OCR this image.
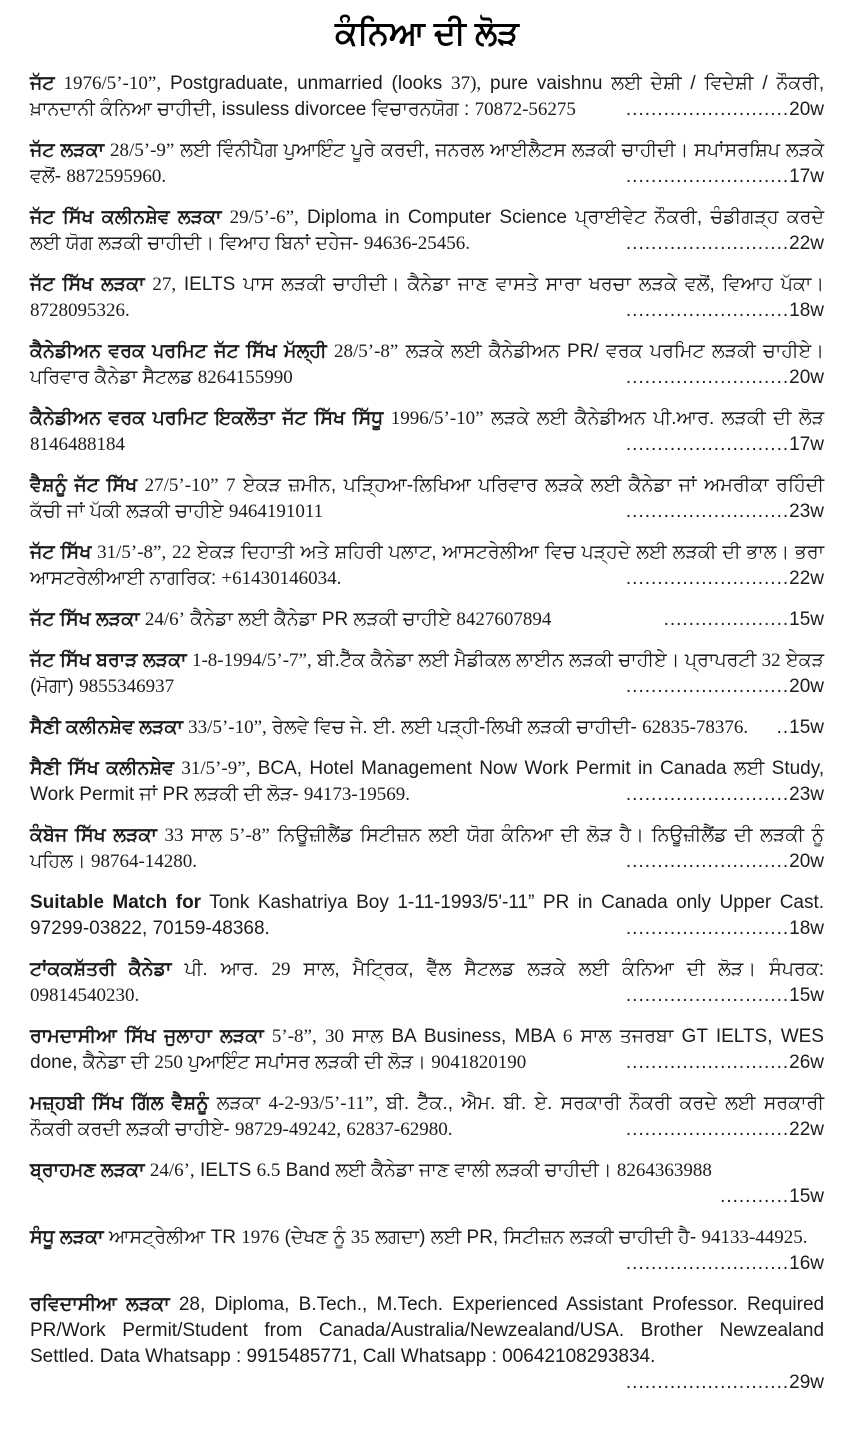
ਕੰਨਿਆ ਦੀ ਲੋੜ

ਜੱਟ 1976/5’-10”, Postgraduate, unmarried (looks 37), pure vaishnu ਲਈ ਦੇਸ਼ੀ / ਵਿਦੇਸ਼ੀ / ਨੌਕਰੀ, ਖ਼ਾਨਦਾਨੀ ਕੰਨਿਆ ਚਾਹੀਦੀ, issuless divorcee ਵਿਚਾਰਨਯੋਗ : 70872-56275	..........................20w

ਜੱਟ ਲੜਕਾ 28/5’-9” ਲਈ ਵਿੰਨੀਪੈਗ ਪੁਆਇੰਟ ਪੂਰੇ ਕਰਦੀ, ਜਨਰਲ ਆਈਲੈਟਸ ਲੜਕੀ ਚਾਹੀਦੀ। ਸਪਾਂਸਰਸ਼ਿਪ ਲੜਕੇ ਵਲੋਂ- 8872595960.	..........................17w

ਜੱਟ ਸਿੱਖ ਕਲੀਨਸ਼ੇਵ ਲੜਕਾ 29/5’-6”, Diploma in Computer Science ਪ੍ਰਾਈਵੇਟ ਨੌਕਰੀ, ਚੰਡੀਗੜ੍ਹ ਕਰਦੇ ਲਈ ਯੋਗ ਲੜਕੀ ਚਾਹੀਦੀ। ਵਿਆਹ ਬਿਨਾਂ ਦਹੇਜ- 94636-25456.	..........................22w

ਜੱਟ ਸਿੱਖ ਲੜਕਾ 27, IELTS ਪਾਸ ਲੜਕੀ ਚਾਹੀਦੀ। ਕੈਨੇਡਾ ਜਾਣ ਵਾਸਤੇ ਸਾਰਾ ਖਰਚਾ ਲੜਕੇ ਵਲੋਂ, ਵਿਆਹ ਪੱਕਾ। 8728095326.	..........................18w

ਕੈਨੇਡੀਅਨ ਵਰਕ ਪਰਮਿਟ ਜੱਟ ਸਿੱਖ ਮੱਲ੍ਹੀ 28/5’-8” ਲੜਕੇ ਲਈ ਕੈਨੇਡੀਅਨ PR/ ਵਰਕ ਪਰਮਿਟ ਲੜਕੀ ਚਾਹੀਏ। ਪਰਿਵਾਰ ਕੈਨੇਡਾ ਸੈਟਲਡ 8264155990	..........................20w

ਕੈਨੇਡੀਅਨ ਵਰਕ ਪਰਮਿਟ ਇਕਲੌਤਾ ਜੱਟ ਸਿੱਖ ਸਿੱਧੂ 1996/5’-10” ਲੜਕੇ ਲਈ ਕੈਨੇਡੀਅਨ ਪੀ.ਆਰ. ਲੜਕੀ ਦੀ ਲੋੜ 8146488184	..........................17w

ਵੈਸ਼ਨੂੰ ਜੱਟ ਸਿੱਖ 27/5’-10” 7 ਏਕੜ ਜ਼ਮੀਨ, ਪੜ੍ਹਿਆ-ਲਿਖਿਆ ਪਰਿਵਾਰ ਲੜਕੇ ਲਈ ਕੈਨੇਡਾ ਜਾਂ ਅਮਰੀਕਾ ਰਹਿੰਦੀ ਕੱਚੀ ਜਾਂ ਪੱਕੀ ਲੜਕੀ ਚਾਹੀਏ 9464191011	..........................23w

ਜੱਟ ਸਿੱਖ 31/5’-8”, 22 ਏਕੜ ਦਿਹਾਤੀ ਅਤੇ ਸ਼ਹਿਰੀ ਪਲਾਟ, ਆਸਟਰੇਲੀਆ ਵਿਚ ਪੜ੍ਹਦੇ ਲਈ ਲੜਕੀ ਦੀ ਭਾਲ। ਭਰਾ ਆਸਟਰੇਲੀਆਈ ਨਾਗਰਿਕ: +61430146034.	..........................22w

ਜੱਟ ਸਿੱਖ ਲੜਕਾ 24/6’ ਕੈਨੇਡਾ ਲਈ ਕੈਨੇਡਾ PR ਲੜਕੀ ਚਾਹੀਏ 8427607894	....................15w

ਜੱਟ ਸਿੱਖ ਬਰਾੜ ਲੜਕਾ 1-8-1994/5’-7”, ਬੀ.ਟੈੱਕ ਕੈਨੇਡਾ ਲਈ ਮੈਡੀਕਲ ਲਾਈਨ ਲੜਕੀ ਚਾਹੀਏ। ਪ੍ਰਾਪਰਟੀ 32 ਏਕੜ (ਮੋਗਾ) 9855346937	..........................20w

ਸੈਣੀ ਕਲੀਨਸ਼ੇਵ ਲੜਕਾ 33/5’-10”, ਰੇਲਵੇ ਵਿਚ ਜੇ. ਈ. ਲਈ ਪੜ੍ਹੀ-ਲਿਖੀ ਲੜਕੀ ਚਾਹੀਦੀ- 62835-78376.	..15w

ਸੈਣੀ ਸਿੱਖ ਕਲੀਨਸ਼ੇਵ 31/5’-9”, BCA, Hotel Management Now Work Permit in Canada ਲਈ Study, Work Permit ਜਾਂ PR ਲੜਕੀ ਦੀ ਲੋੜ- 94173-19569.	..........................23w

ਕੰਬੋਜ ਸਿੱਖ ਲੜਕਾ 33 ਸਾਲ 5’-8” ਨਿਊਜ਼ੀਲੈਂਡ ਸਿਟੀਜ਼ਨ ਲਈ ਯੋਗ ਕੰਨਿਆ ਦੀ ਲੋੜ ਹੈ। ਨਿਊਜ਼ੀਲੈਂਡ ਦੀ ਲੜਕੀ ਨੂੰ ਪਹਿਲ। 98764-14280.	..........................20w

Suitable Match for Tonk Kashatriya Boy 1-11-1993/5'-11” PR in Canada only Upper Cast. 97299-03822, 70159-48368.	..........................18w

ਟਾਂਕਕਸ਼ੱਤਰੀ ਕੈਨੇਡਾ ਪੀ. ਆਰ. 29 ਸਾਲ, ਮੈਟ੍ਰਿਕ, ਵੈੱਲ ਸੈਟਲਡ ਲੜਕੇ ਲਈ ਕੰਨਿਆ ਦੀ ਲੋੜ। ਸੰਪਰਕ: 09814540230.	..........................15w

ਰਾਮਦਾਸੀਆ ਸਿੱਖ ਜੁਲਾਹਾ ਲੜਕਾ 5’-8”, 30 ਸਾਲ BA Business, MBA 6 ਸਾਲ ਤਜਰਬਾ GT IELTS, WES done, ਕੈਨੇਡਾ ਦੀ 250 ਪੁਆਇੰਟ ਸਪਾਂਸਰ ਲੜਕੀ ਦੀ ਲੋੜ। 9041820190	..........................26w

ਮਜ਼੍ਹਬੀ ਸਿੱਖ ਗਿੱਲ ਵੈਸ਼ਨੂੰ ਲੜਕਾ 4-2-93/5’-11”, ਬੀ. ਟੈੱਕ., ਐਮ. ਬੀ. ਏ. ਸਰਕਾਰੀ ਨੌਕਰੀ ਕਰਦੇ ਲਈ ਸਰਕਾਰੀ ਨੌਕਰੀ ਕਰਦੀ ਲੜਕੀ ਚਾਹੀਏ- 98729-49242, 62837-62980.	..........................22w

ਬ੍ਰਾਹਮਣ ਲੜਕਾ 24/6’, IELTS 6.5 Band ਲਈ ਕੈਨੇਡਾ ਜਾਣ ਵਾਲੀ ਲੜਕੀ ਚਾਹੀਦੀ। 8264363988
...........15w

ਸੰਧੂ ਲੜਕਾ ਆਸਟ੍ਰੇਲੀਆ TR 1976 (ਦੇਖਣ ਨੂੰ 35 ਲਗਦਾ) ਲਈ PR, ਸਿਟੀਜ਼ਨ ਲੜਕੀ ਚਾਹੀਦੀ ਹੈ- 94133-44925.
..........................16w

ਰਵਿਦਾਸੀਆ ਲੜਕਾ 28, Diploma, B.Tech., M.Tech. Experienced Assistant Professor. Required PR/Work Permit/Student from Canada/Australia/Newzealand/USA. Brother Newzealand Settled. Data Whatsapp : 9915485771, Call Whatsapp : 00642108293834.
..........................29w
